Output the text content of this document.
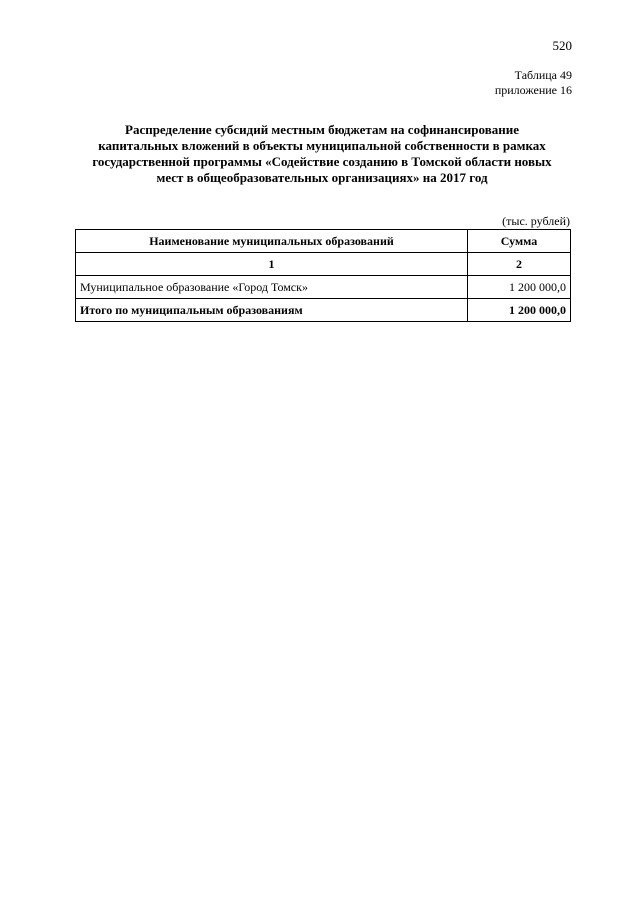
520
Таблица 49
приложение 16
Распределение субсидий местным бюджетам на софинансирование
капитальных вложений в объекты муниципальной собственности в рамках
государственной программы «Содействие созданию в Томской области новых
мест в общеобразовательных организациях» на 2017 год
(тыс. рублей)
Наименование муниципальных образований	Сумма
1	2
Муниципальное образование «Город Томск»	1 200 000,0
Итого по муниципальным образованиям	1 200 000,0
